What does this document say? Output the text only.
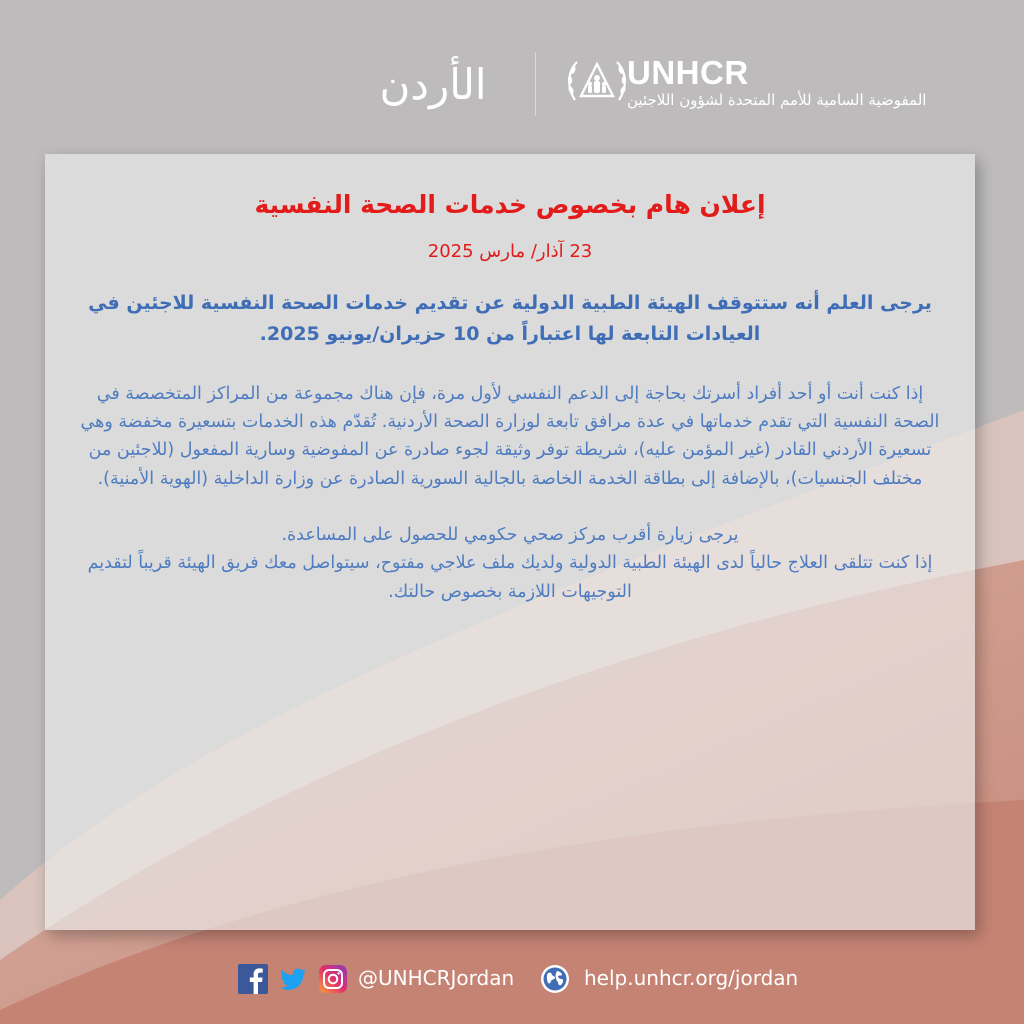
الأردن	UNHCR
المفوضية السامية للأمم المتحدة لشؤون اللاجئين
إعلان هام بخصوص خدمات الصحة النفسية
23 آذار/ مارس 2025
يرجى العلم أنه ستتوقف الهيئة الطبية الدولية عن تقديم خدمات الصحة النفسية للاجئين في العيادات التابعة لها اعتباراً من 10 حزيران/يونيو 2025.

إذا كنت أنت أو أحد أفراد أسرتك بحاجة إلى الدعم النفسي لأول مرة، فإن هناك مجموعة من المراكز المتخصصة في الصحة النفسية التي تقدم خدماتها في عدة مرافق تابعة لوزارة الصحة الأردنية. تُقدّم هذه الخدمات بتسعيرة مخفضة وهي تسعيرة الأردني القادر (غير المؤمن عليه)، شريطة توفر وثيقة لجوء صادرة عن المفوضية وسارية المفعول (للاجئين من مختلف الجنسيات)، بالإضافة إلى بطاقة الخدمة الخاصة بالجالية السورية الصادرة عن وزارة الداخلية (الهوية الأمنية).

يرجى زيارة أقرب مركز صحي حكومي للحصول على المساعدة.

إذا كنت تتلقى العلاج حالياً لدى الهيئة الطبية الدولية ولديك ملف علاجي مفتوح، سيتواصل معك فريق الهيئة قريباً لتقديم التوجيهات اللازمة بخصوص حالتك.

@UNHCRJordan	help.unhcr.org/jordan
